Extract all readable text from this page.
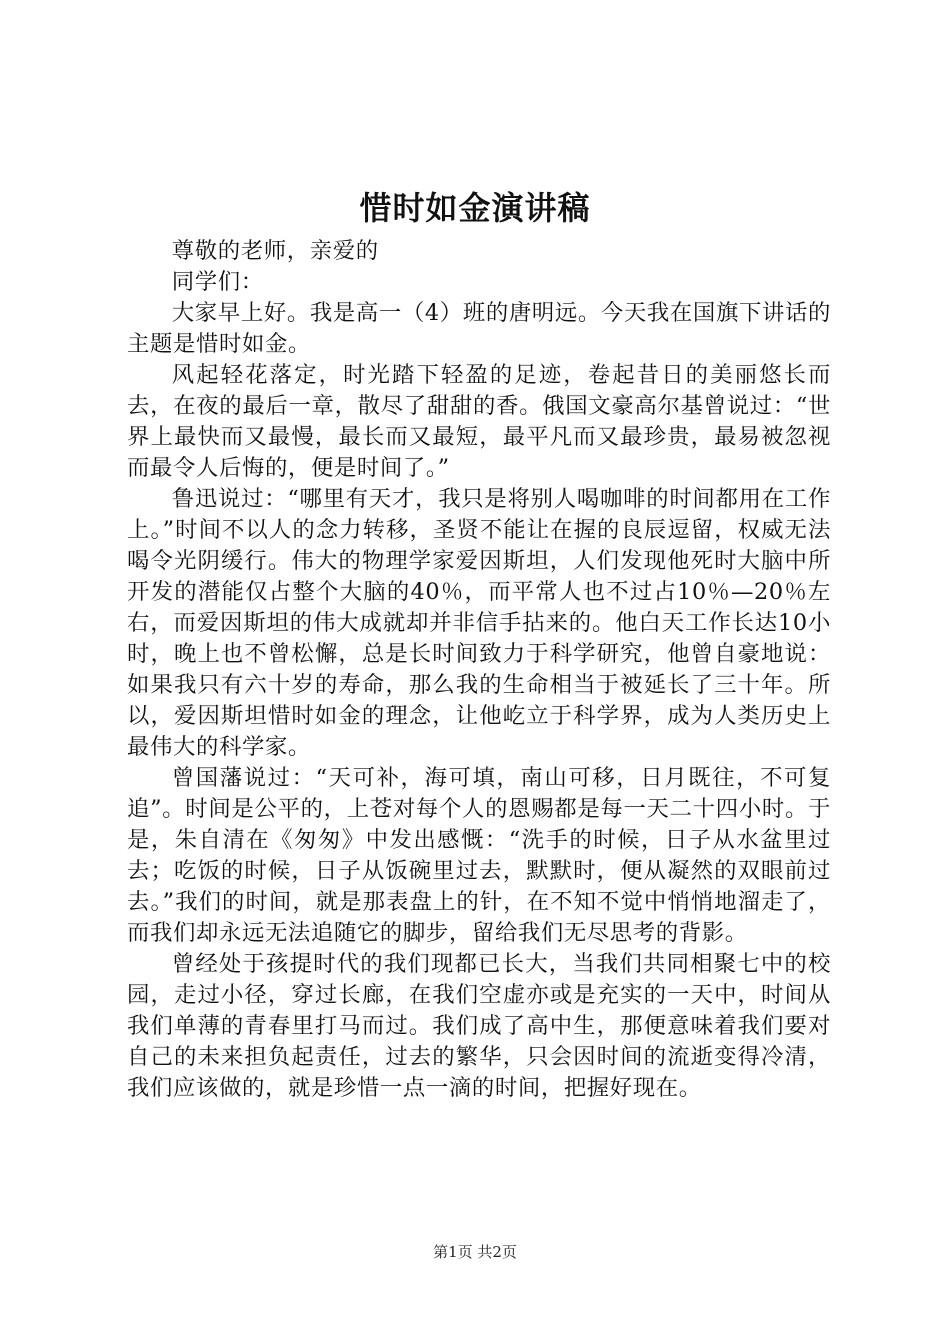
惜时如金演讲稿

尊敬的老师，亲爱的

同学们：

大家早上好。我是高一（4）班的唐明远。今天我在国旗下讲话的主题是惜时如金。

风起轻花落定，时光踏下轻盈的足迹，卷起昔日的美丽悠长而去，在夜的最后一章，散尽了甜甜的香。俄国文豪高尔基曾说过：“世界上最快而又最慢，最长而又最短，最平凡而又最珍贵，最易被忽视而最令人后悔的，便是时间了。”

鲁迅说过：“哪里有天才，我只是将别人喝咖啡的时间都用在工作上。”时间不以人的念力转移，圣贤不能让在握的良辰逗留，权威无法喝令光阴缓行。伟大的物理学家爱因斯坦，人们发现他死时大脑中所开发的潜能仅占整个大脑的40％，而平常人也不过占10％—20％左右，而爱因斯坦的伟大成就却并非信手拈来的。他白天工作长达10小时，晚上也不曾松懈，总是长时间致力于科学研究，他曾自豪地说：如果我只有六十岁的寿命，那么我的生命相当于被延长了三十年。所以，爱因斯坦惜时如金的理念，让他屹立于科学界，成为人类历史上最伟大的科学家。

曾国藩说过：“天可补，海可填，南山可移，日月既往，不可复追”。时间是公平的，上苍对每个人的恩赐都是每一天二十四小时。于是，朱自清在《匆匆》中发出感慨：“洗手的时候，日子从水盆里过去；吃饭的时候，日子从饭碗里过去，默默时，便从凝然的双眼前过去。”我们的时间，就是那表盘上的针，在不知不觉中悄悄地溜走了，而我们却永远无法追随它的脚步，留给我们无尽思考的背影。

曾经处于孩提时代的我们现都已长大，当我们共同相聚七中的校园，走过小径，穿过长廊，在我们空虚亦或是充实的一天中，时间从我们单薄的青春里打马而过。我们成了高中生，那便意味着我们要对自己的未来担负起责任，过去的繁华，只会因时间的流逝变得冷清，我们应该做的，就是珍惜一点一滴的时间，把握好现在。

第1页 共2页
